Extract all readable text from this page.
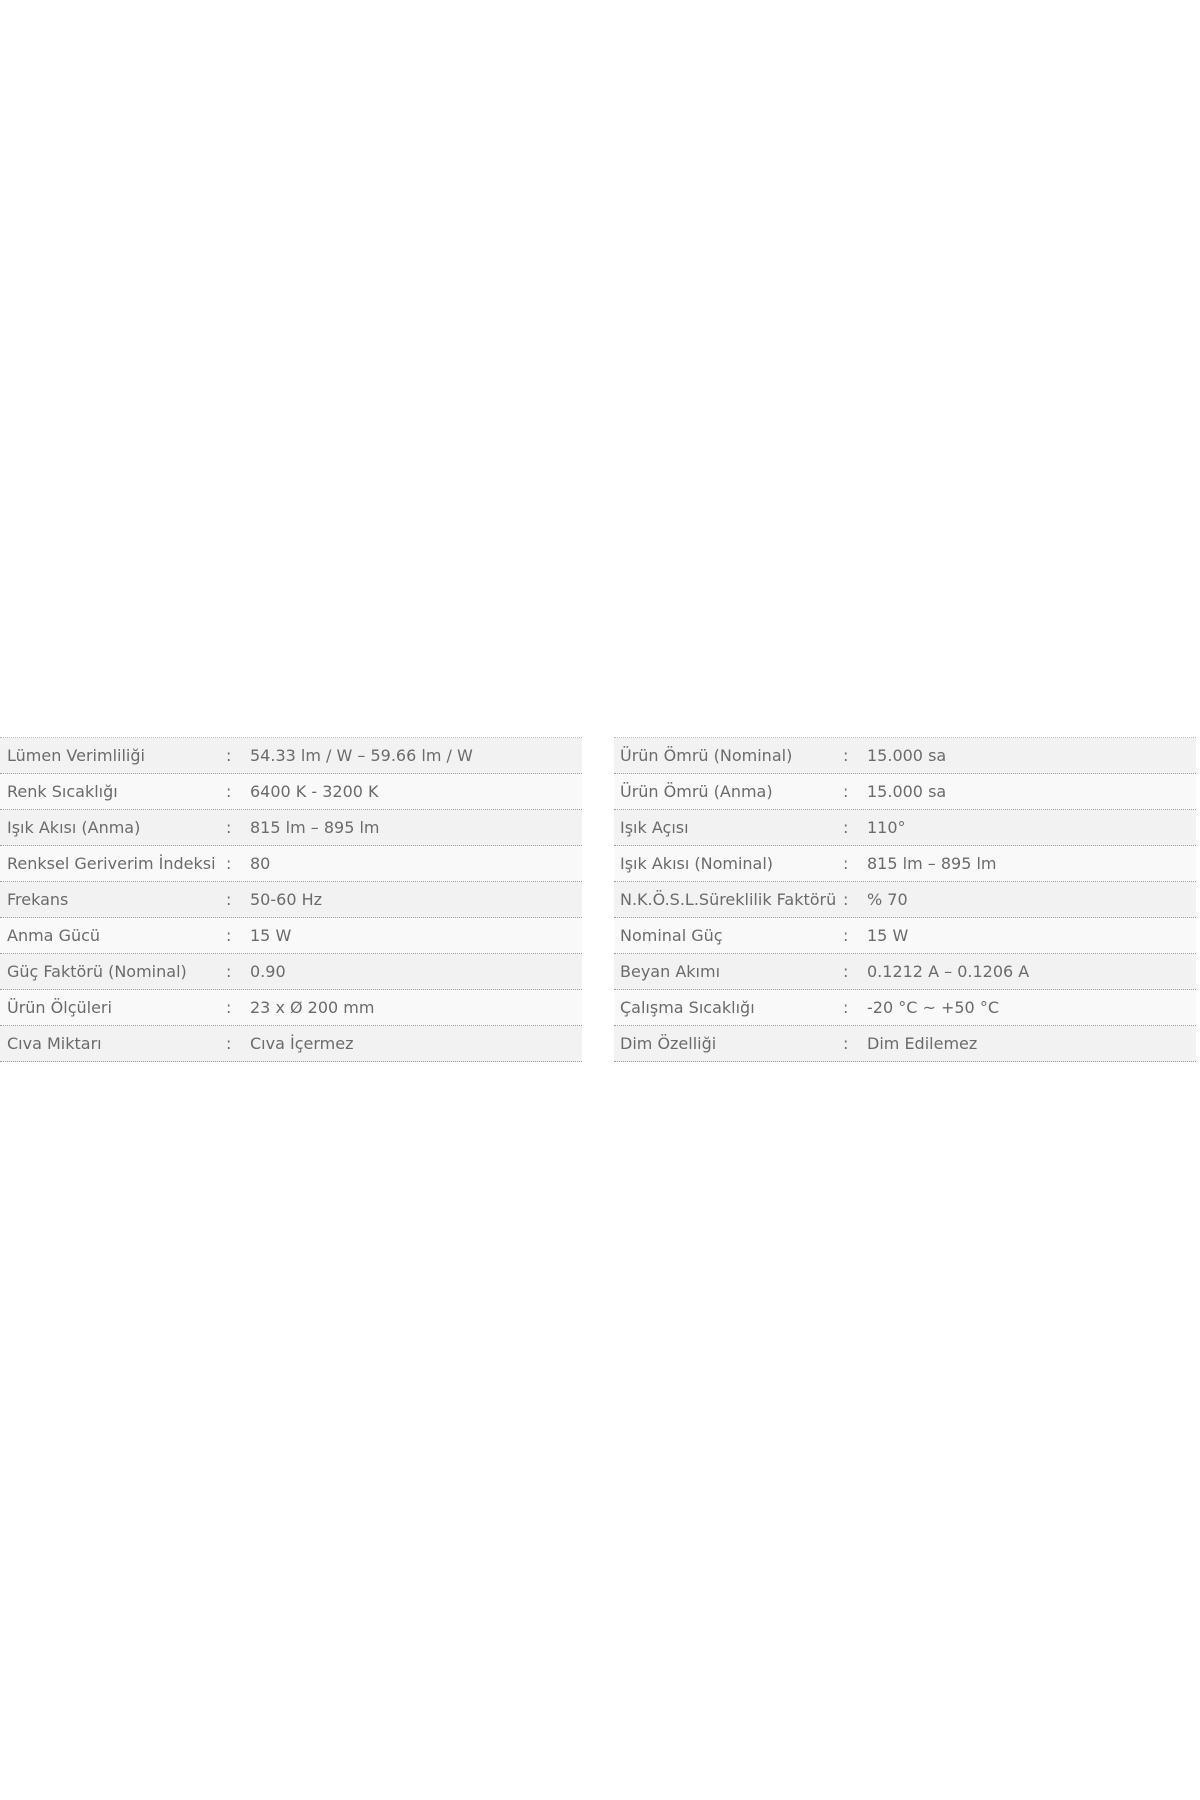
Lümen Verimliliği	:	54.33 lm / W – 59.66 lm / W
Renk Sıcaklığı	:	6400 K - 3200 K
Işık Akısı (Anma)	:	815 lm – 895 lm
Renksel Geriverim İndeksi :	80
Frekans	:	50-60 Hz
Anma Gücü	:	15 W
Güç Faktörü (Nominal)	:	0.90
Ürün Ölçüleri	:	23 x Ø 200 mm
Cıva Miktarı	:	Cıva İçermez
Ürün Ömrü (Nominal)	:	15.000 sa
Ürün Ömrü (Anma)	:	15.000 sa
Işık Açısı	:	110°
Işık Akısı (Nominal)	:	815 lm – 895 lm
N.K.Ö.S.L.Süreklilik Faktörü :	% 70
Nominal Güç	:	15 W
Beyan Akımı	:	0.1212 A – 0.1206 A
Çalışma Sıcaklığı	:	-20 °C ~ +50 °C
Dim Özelliği	:	Dim Edilemez
